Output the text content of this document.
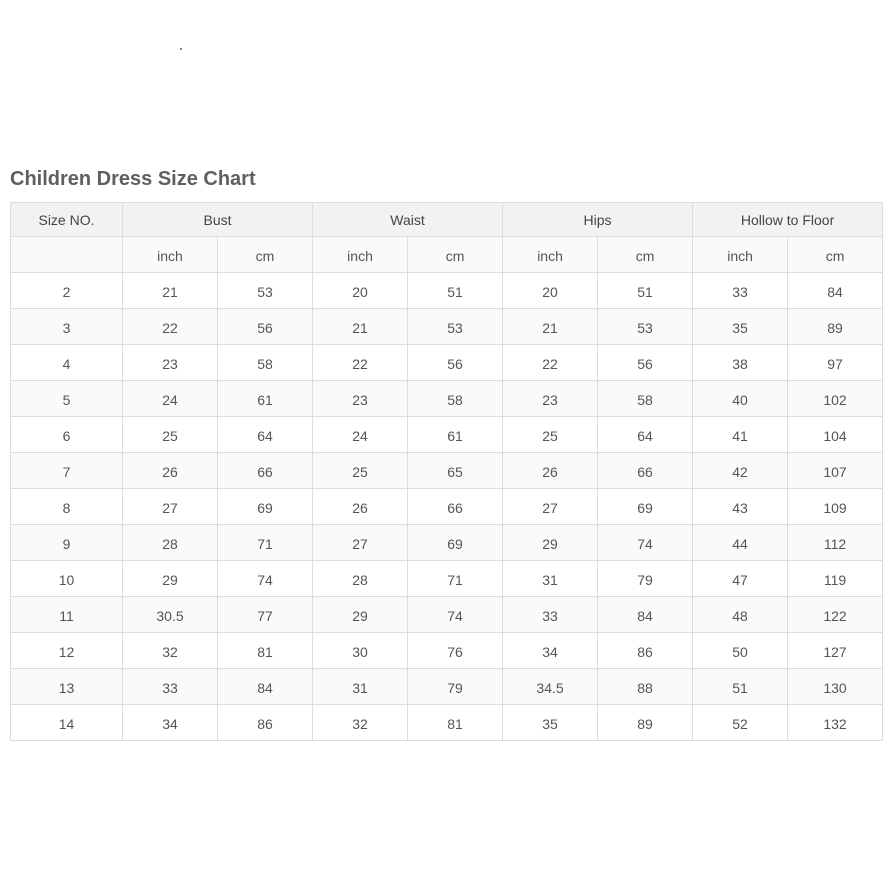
Children Dress Size Chart
Size NO.	Bust		Waist		Hips		Hollow to Floor	
	inch	cm	inch	cm	inch	cm	inch	cm
2	21	53	20	51	20	51	33	84
3	22	56	21	53	21	53	35	89
4	23	58	22	56	22	56	38	97
5	24	61	23	58	23	58	40	102
6	25	64	24	61	25	64	41	104
7	26	66	25	65	26	66	42	107
8	27	69	26	66	27	69	43	109
9	28	71	27	69	29	74	44	112
10	29	74	28	71	31	79	47	119
11	30.5	77	29	74	33	84	48	122
12	32	81	30	76	34	86	50	127
13	33	84	31	79	34.5	88	51	130
14	34	86	32	81	35	89	52	132
